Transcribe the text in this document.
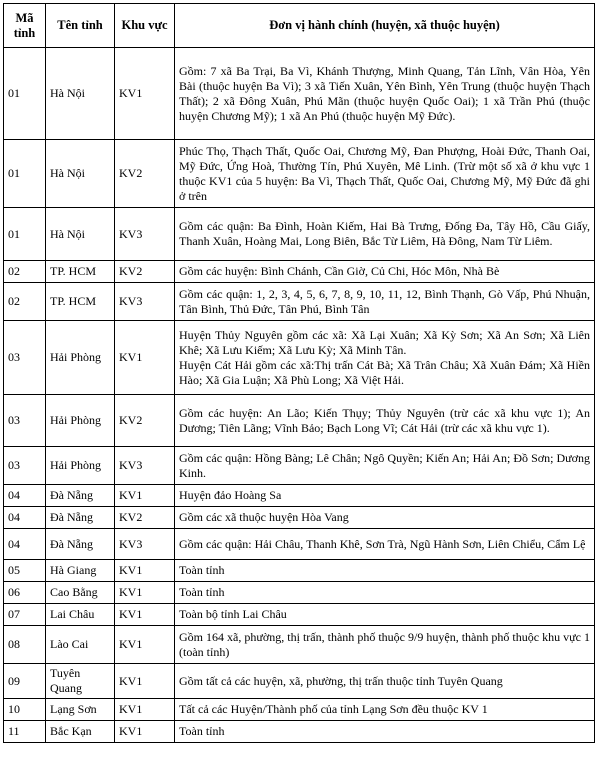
Mã tỉnh	Tên tỉnh	Khu vực	Đơn vị hành chính (huyện, xã thuộc huyện)
01	Hà Nội	KV1	Gồm: 7 xã Ba Trại, Ba Vì, Khánh Thượng, Minh Quang, Tản Lĩnh, Vân Hòa, Yên Bài (thuộc huyện Ba Vì); 3 xã Tiến Xuân, Yên Bình, Yên Trung (thuộc huyện Thạch Thất); 2 xã Đông Xuân, Phú Mãn (thuộc huyện Quốc Oai); 1 xã Trần Phú (thuộc huyện Chương Mỹ); 1 xã An Phú (thuộc huyện Mỹ Đức).

01	Hà Nội	KV2	Phúc Thọ, Thạch Thất, Quốc Oai, Chương Mỹ, Đan Phượng, Hoài Đức, Thanh Oai, Mỹ Đức, Ứng Hoà, Thường Tín, Phú Xuyên, Mê Linh. (Trừ một số xã ở khu vực 1 thuộc KV1 của 5 huyện: Ba Vì, Thạch Thất, Quốc Oai, Chương Mỹ, Mỹ Đức đã ghi ở trên

01	Hà Nội	KV3	Gồm các quận: Ba Đình, Hoàn Kiếm, Hai Bà Trưng, Đống Đa, Tây Hồ, Cầu Giấy, Thanh Xuân, Hoàng Mai, Long Biên, Bắc Từ Liêm, Hà Đông, Nam Từ Liêm.

02	TP. HCM	KV2	Gồm các huyện: Bình Chánh, Cần Giờ, Củ Chi, Hóc Môn, Nhà Bè

02	TP. HCM	KV3	Gồm các quận: 1, 2, 3, 4, 5, 6, 7, 8, 9, 10, 11, 12, Bình Thạnh, Gò Vấp, Phú Nhuận, Tân Bình, Thủ Đức, Tân Phú, Bình Tân

03	Hải Phòng	KV1	Huyện Thủy Nguyên gồm các xã: Xã Lại Xuân; Xã Kỳ Sơn; Xã An Sơn; Xã Liên Khê; Xã Lưu Kiếm; Xã Lưu Kỳ; Xã Minh Tân.
Huyện Cát Hải gồm các xã:Thị trấn Cát Bà; Xã Trân Châu; Xã Xuân Đám; Xã Hiền Hào; Xã Gia Luận; Xã Phù Long; Xã Việt Hải.

03	Hải Phòng	KV2	Gồm các huyện: An Lão; Kiến Thụy; Thủy Nguyên (trừ các xã khu vực 1); An Dương; Tiên Lãng; Vĩnh Bảo; Bạch Long Vĩ; Cát Hải (trừ các xã khu vực 1).

03	Hải Phòng	KV3	Gồm các quận: Hồng Bàng; Lê Chân; Ngô Quyền; Kiến An; Hải An; Đồ Sơn; Dương Kinh.

04	Đà Nẵng	KV1	Huyện đảo Hoàng Sa

04	Đà Nẵng	KV2	Gồm các xã thuộc huyện Hòa Vang

04	Đà Nẵng	KV3	Gồm các quận: Hải Châu, Thanh Khê, Sơn Trà, Ngũ Hành Sơn, Liên Chiểu, Cẩm Lệ

05	Hà Giang	KV1	Toàn tỉnh

06	Cao Bằng	KV1	Toàn tỉnh

07	Lai Châu	KV1	Toàn bộ tỉnh Lai Châu

08	Lào Cai	KV1	Gồm 164 xã, phường, thị trấn, thành phố thuộc 9/9 huyện, thành phố thuộc khu vực 1 (toàn tỉnh)

09	Tuyên Quang	KV1	Gồm tất cả các huyện, xã, phường, thị trấn thuộc tỉnh Tuyên Quang

10	Lạng Sơn	KV1	Tất cả các Huyện/Thành phố của tỉnh Lạng Sơn đều thuộc KV 1

11	Bắc Kạn	KV1	Toàn tỉnh
